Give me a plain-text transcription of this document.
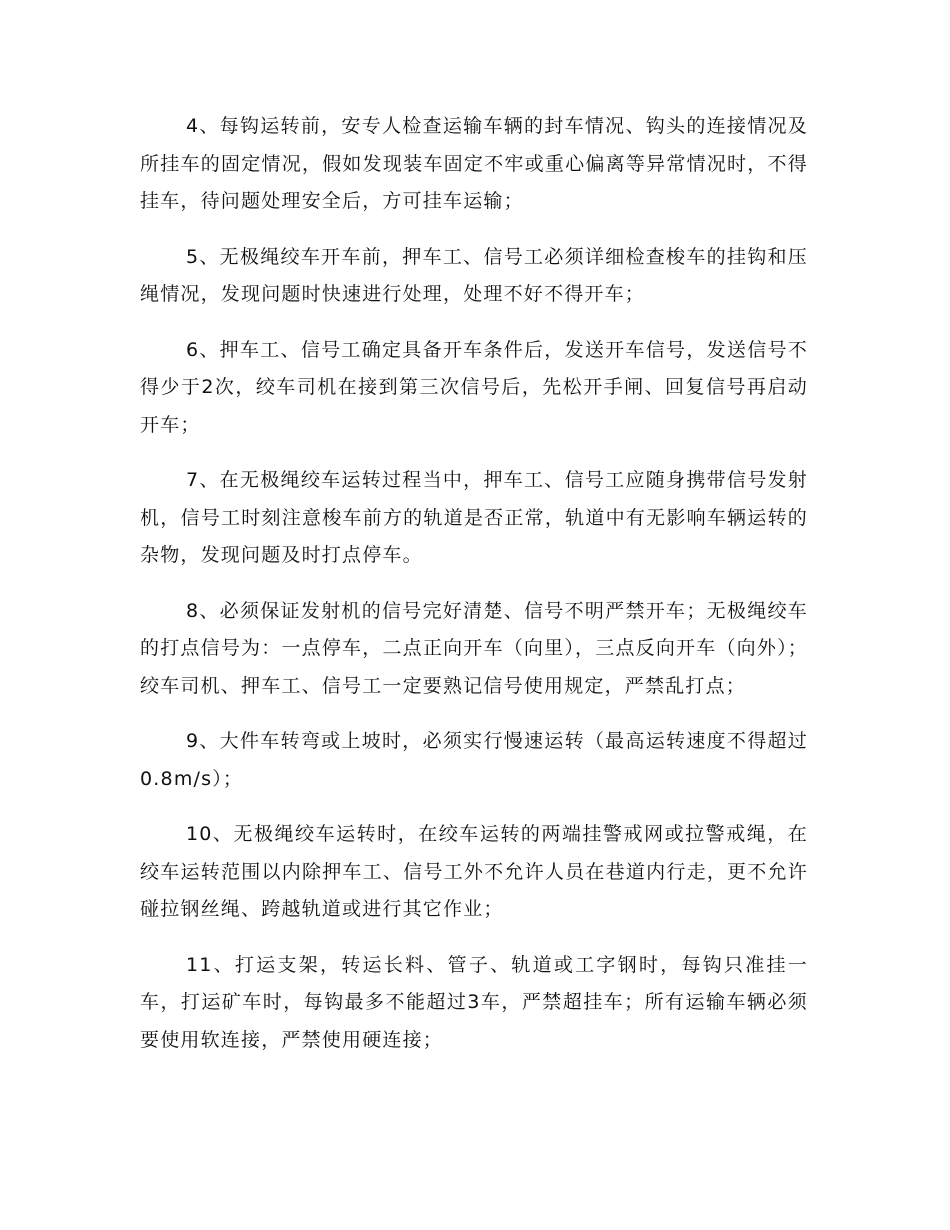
4、每钩运转前，安专人检查运输车辆的封车情况、钩头的连接情况及所挂车的固定情况，假如发现装车固定不牢或重心偏离等异常情况时，不得挂车，待问题处理安全后，方可挂车运输；

5、无极绳绞车开车前，押车工、信号工必须详细检查梭车的挂钩和压绳情况，发现问题时快速进行处理，处理不好不得开车；

6、押车工、信号工确定具备开车条件后，发送开车信号，发送信号不得少于2次，绞车司机在接到第三次信号后，先松开手闸、回复信号再启动开车；

7、在无极绳绞车运转过程当中，押车工、信号工应随身携带信号发射机，信号工时刻注意梭车前方的轨道是否正常，轨道中有无影响车辆运转的杂物，发现问题及时打点停车。

8、必须保证发射机的信号完好清楚、信号不明严禁开车；无极绳绞车的打点信号为：一点停车，二点正向开车（向里），三点反向开车（向外）；绞车司机、押车工、信号工一定要熟记信号使用规定，严禁乱打点；

9、大件车转弯或上坡时，必须实行慢速运转（最高运转速度不得超过0.8m/s）；

10、无极绳绞车运转时，在绞车运转的两端挂警戒网或拉警戒绳，在绞车运转范围以内除押车工、信号工外不允许人员在巷道内行走，更不允许碰拉钢丝绳、跨越轨道或进行其它作业；

11、打运支架，转运长料、管子、轨道或工字钢时，每钩只准挂一车，打运矿车时，每钩最多不能超过3车，严禁超挂车；所有运输车辆必须要使用软连接，严禁使用硬连接；
